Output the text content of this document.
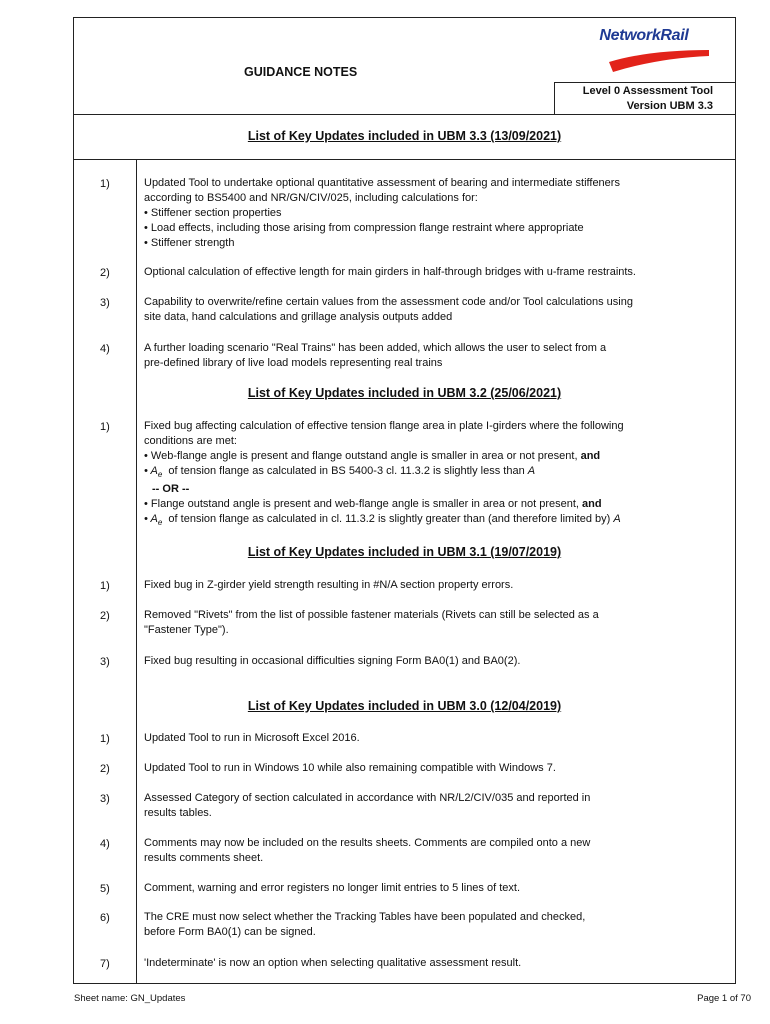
GUIDANCE NOTES
NetworkRail
Level 0 Assessment Tool
Version UBM 3.3
List of Key Updates included in UBM 3.3 (13/09/2021)
1)	Updated Tool to undertake optional quantitative assessment of bearing and intermediate stiffeners
according to BS5400 and NR/GN/CIV/025, including calculations for:
• Stiffener section properties
• Load effects, including those arising from compression flange restraint where appropriate
• Stiffener strength
2)	Optional calculation of effective length for main girders in half-through bridges with u-frame restraints.
3)	Capability to overwrite/refine certain values from the assessment code and/or Tool calculations using
site data, hand calculations and grillage analysis outputs added
4)	A further loading scenario "Real Trains" has been added, which allows the user to select from a
pre-defined library of live load models representing real trains
List of Key Updates included in UBM 3.2 (25/06/2021)
1)	Fixed bug affecting calculation of effective tension flange area in plate I-girders where the following
conditions are met:
• Web-flange angle is present and flange outstand angle is smaller in area or not present, and
• $A_e$ of tension flange as calculated in BS 5400-3 cl. 11.3.2 is slightly less than A
-- OR --
• Flange outstand angle is present and web-flange angle is smaller in area or not present, and
• $A_e$ of tension flange as calculated in cl. 11.3.2 is slightly greater than (and therefore limited by) A
List of Key Updates included in UBM 3.1 (19/07/2019)
1)	Fixed bug in Z-girder yield strength resulting in #N/A section property errors.
2)	Removed "Rivets" from the list of possible fastener materials (Rivets can still be selected as a
"Fastener Type").
3)	Fixed bug resulting in occasional difficulties signing Form BA0(1) and BA0(2).
List of Key Updates included in UBM 3.0 (12/04/2019)
1)	Updated Tool to run in Microsoft Excel 2016.
2)	Updated Tool to run in Windows 10 while also remaining compatible with Windows 7.
3)	Assessed Category of section calculated in accordance with NR/L2/CIV/035 and reported in
results tables.
4)	Comments may now be included on the results sheets. Comments are compiled onto a new
results comments sheet.
5)	Comment, warning and error registers no longer limit entries to 5 lines of text.
6)	The CRE must now select whether the Tracking Tables have been populated and checked,
before Form BA0(1) can be signed.
7)	'Indeterminate' is now an option when selecting qualitative assessment result.
Sheet name: GN_Updates	Page 1 of 70
